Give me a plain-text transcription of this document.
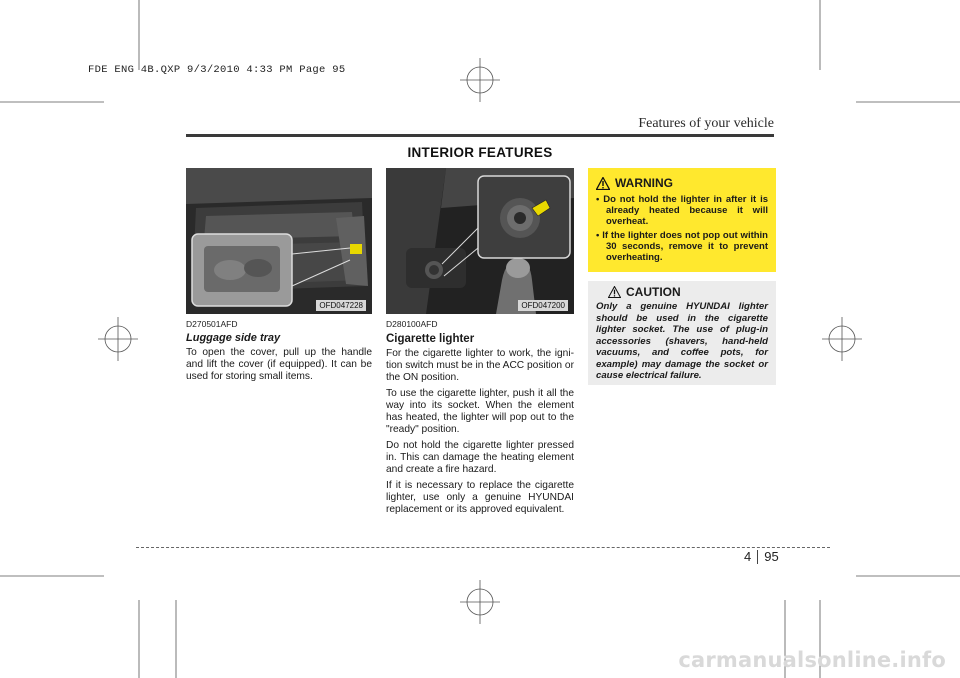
FDE ENG 4B.QXP 9/3/2010 4:33 PM Page 95
Features of your vehicle
INTERIOR FEATURES
OFD047228	OFD047200
D270501AFD
Luggage side tray

To open the cover, pull up the handle and lift the cover (if equipped). It can be used for storing small items.

D280100AFD
Cigarette lighter

For the cigarette lighter to work, the igni-tion switch must be in the ACC position or the ON position.

To use the cigarette lighter, push it all the way into its socket. When the element has heated, the lighter will pop out to the "ready" position.

Do not hold the cigarette lighter pressed in. This can damage the heating element and create a fire hazard.

If it is necessary to replace the cigarette lighter, use only a genuine HYUNDAI replacement or its approved equivalent.

WARNING
• Do not hold the lighter in after it is already heated because it will overheat.
• If the lighter does not pop out within 30 seconds, remove it to prevent overheating.
CAUTION

Only a genuine HYUNDAI lighter should be used in the cigarette lighter socket. The use of plug-in accessories (shavers, hand-held vacuums, and coffee pots, for example) may damage the socket or cause electrical failure.

4 95
carmanualsonline.info
